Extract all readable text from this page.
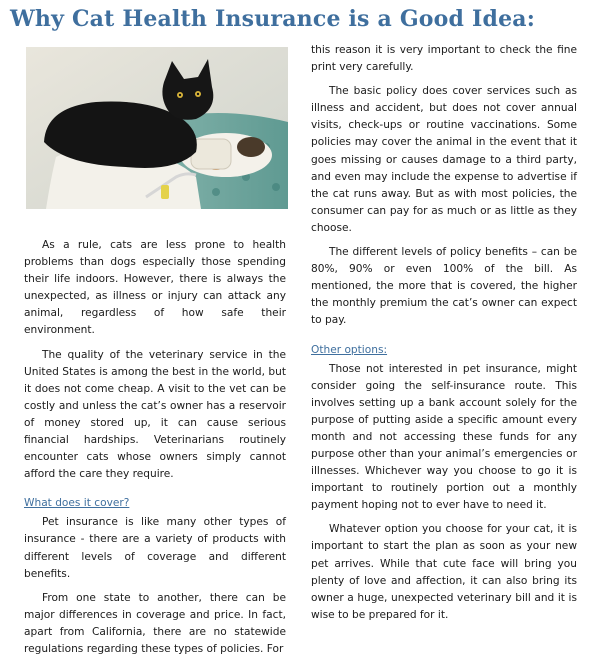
Why Cat Health Insurance is a Good Idea:

As a rule, cats are less prone to health problems than dogs especially those spending their life indoors. However, there is always the unexpected, as illness or injury can attack any animal, regardless of how safe their environment.

The quality of the veterinary service in the United States is among the best in the world, but it does not come cheap. A visit to the vet can be costly and unless the cat’s owner has a reservoir of money stored up, it can cause serious financial hardships. Veterinarians routinely encounter cats whose owners simply cannot afford the care they require.

What does it cover?

Pet insurance is like many other types of insurance - there are a variety of products with different levels of coverage and different benefits.

From one state to another, there can be major differences in coverage and price. In fact, apart from California, there are no statewide regulations regarding these types of policies. For

this reason it is very important to check the fine print very carefully.

The basic policy does cover services such as illness and accident, but does not cover annual visits, check-ups or routine vaccinations. Some policies may cover the animal in the event that it goes missing or causes damage to a third party, and even may include the expense to advertise if the cat runs away. But as with most policies, the consumer can pay for as much or as little as they choose.

The different levels of policy benefits – can be 80%, 90% or even 100% of the bill. As mentioned, the more that is covered, the higher the monthly premium the cat’s owner can expect to pay.

Other options:

Those not interested in pet insurance, might consider going the self-insurance route. This involves setting up a bank account solely for the purpose of putting aside a specific amount every month and not accessing these funds for any purpose other than your animal’s emergencies or illnesses. Whichever way you choose to go it is important to routinely portion out a monthly payment hoping not to ever have to need it.

Whatever option you choose for your cat, it is important to start the plan as soon as your new pet arrives. While that cute face will bring you plenty of love and affection, it can also bring its owner a huge, unexpected veterinary bill and it is wise to be prepared for it.
